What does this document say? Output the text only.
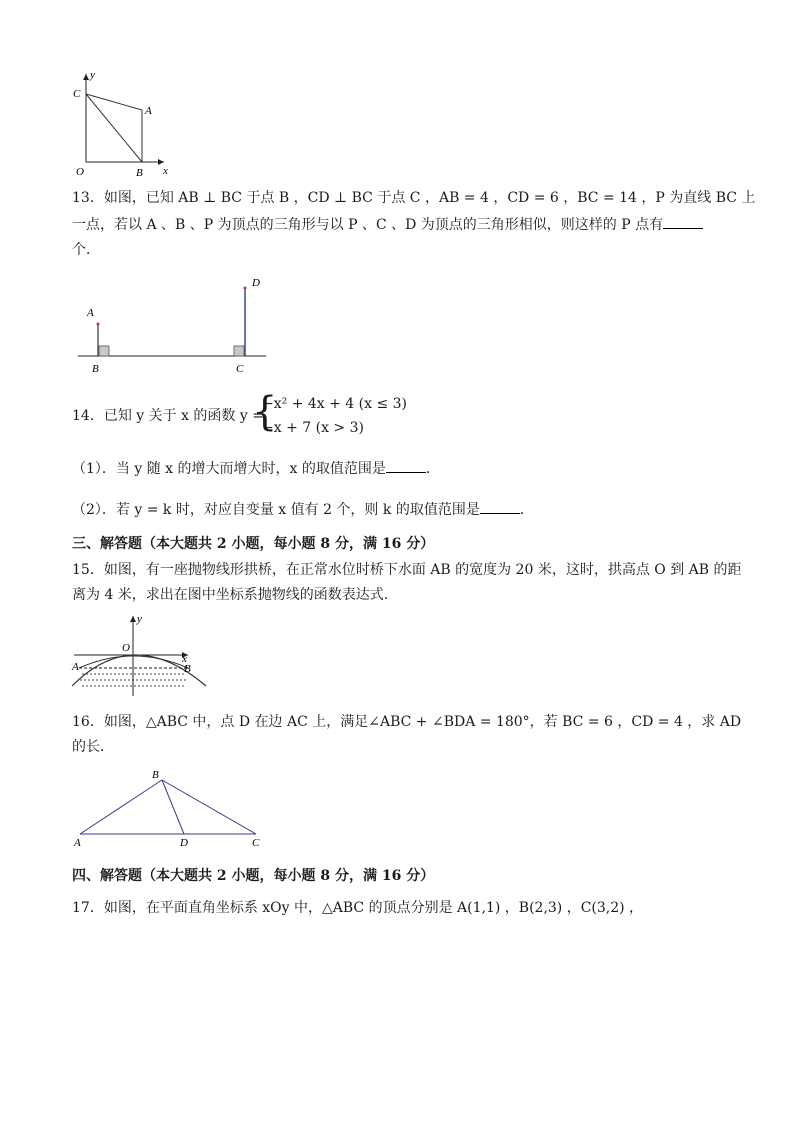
y
C
A
O	B x
13．如图，已知 AB ⊥ BC 于点 B ，CD ⊥ BC 于点 C ，AB = 4 ，CD = 6 ，BC = 14 ，P 为直线 BC 上
一点，若以 A 、B 、P 为顶点的三角形与以 P 、C 、D 为顶点的三角形相似，则这样的 P 点有
个．
A
B	C
D
14．已知 y 关于 x 的函数 y =
{
−x² + 4x + 4 (x ≤ 3)
−x + 7 (x > 3)
（1）．当 y 随 x 的增大而增大时，x 的取值范围是	．
（2）．若 y = k 时，对应自变量 x 值有 2 个，则 k 的取值范围是	．
三、解答题（本大题共 2 小题，每小题 8 分，满 16 分）
15．如图，有一座抛物线形拱桥，在正常水位时桥下水面 AB 的宽度为 20 米，这时，拱高点 O 到 AB 的距
离为 4 米，求出在图中坐标系抛物线的函数表达式．
y
O
x
A	B
16．如图，△ABC 中，点 D 在边 AC 上，满足∠ABC + ∠BDA = 180°，若 BC = 6 ，CD = 4 ，求 AD
的长．
A
B
C
D
四、解答题（本大题共 2 小题，每小题 8 分，满 16 分）
17．如图，在平面直角坐标系 xOy 中，△ABC 的顶点分别是 A(1,1) ，B(2,3) ，C(3,2) ，
